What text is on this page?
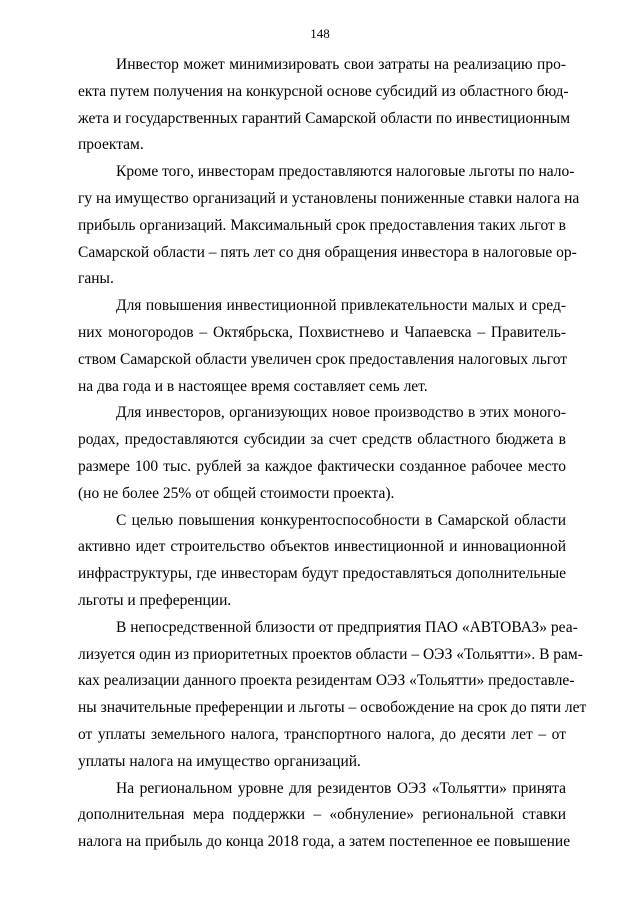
148
Инвестор может минимизировать свои затраты на реализацию про-
екта путем получения на конкурсной основе субсидий из областного бюд-
жета и государственных гарантий Самарской области по инвестиционным
проектам.
Кроме того, инвесторам предоставляются налоговые льготы по нало-
гу на имущество организаций и установлены пониженные ставки налога на
прибыль организаций. Максимальный срок предоставления таких льгот в
Самарской области – пять лет со дня обращения инвестора в налоговые ор-
ганы.
Для повышения инвестиционной привлекательности малых и сред-
них моногородов – Октябрьска, Похвистнево и Чапаевска – Правитель-
ством Самарской области увеличен срок предоставления налоговых льгот
на два года и в настоящее время составляет семь лет.
Для инвесторов, организующих новое производство в этих моного-
родах, предоставляются субсидии за счет средств областного бюджета в
размере 100 тыс. рублей за каждое фактически созданное рабочее место
(но не более 25% от общей стоимости проекта).
С целью повышения конкурентоспособности в Самарской области
активно идет строительство объектов инвестиционной и инновационной
инфраструктуры, где инвесторам будут предоставляться дополнительные
льготы и преференции.
В непосредственной близости от предприятия ПАО «АВТОВАЗ» реа-
лизуется один из приоритетных проектов области – ОЭЗ «Тольятти». В рам-
ках реализации данного проекта резидентам ОЭЗ «Тольятти» предоставле-
ны значительные преференции и льготы – освобождение на срок до пяти лет
от уплаты земельного налога, транспортного налога, до десяти лет – от
уплаты налога на имущество организаций.
На региональном уровне для резидентов ОЭЗ «Тольятти» принята
дополнительная мера поддержки – «обнуление» региональной ставки
налога на прибыль до конца 2018 года, а затем постепенное ее повышение
